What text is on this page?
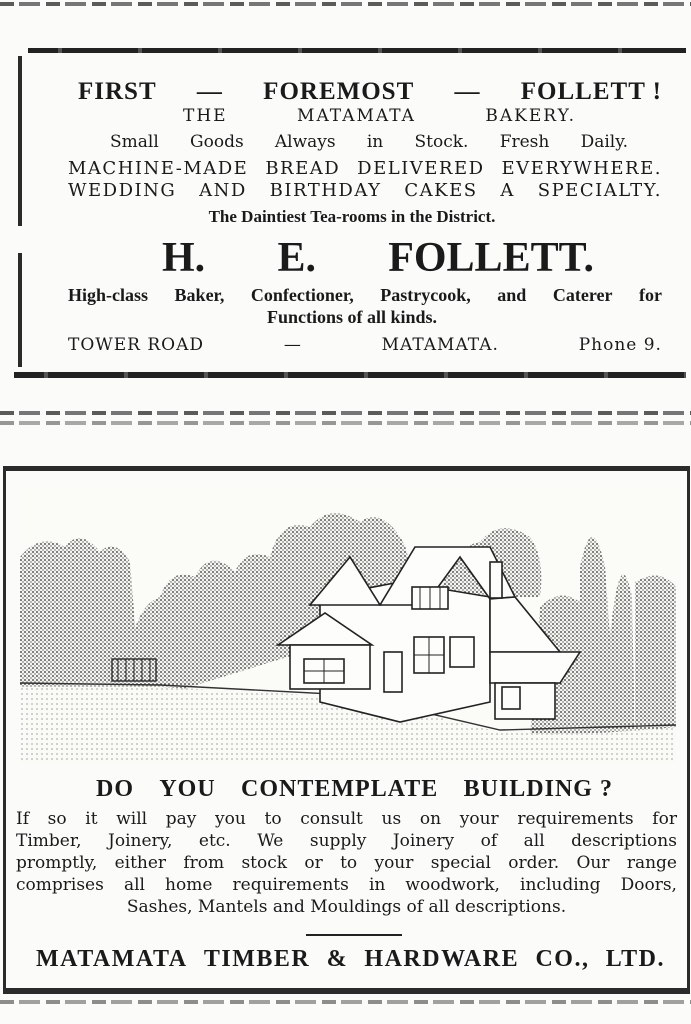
FIRST — FOREMOST — FOLLETT !
THE	MATAMATA	BAKERY.
Small Goods Always in Stock. Fresh Daily.
MACHINE-MADE BREAD DELIVERED EVERYWHERE.
WEDDING AND BIRTHDAY CAKES A SPECIALTY.
The Daintiest Tea-rooms in the District.
H. E. FOLLETT.
High-class Baker, Confectioner, Pastrycook, and Caterer for
Functions of all kinds.
TOWER ROAD	—	MATAMATA.	Phone 9.
DO YOU CONTEMPLATE BUILDING ?
If so it will pay you to consult us on your requirements for
Timber, Joinery, etc. We supply Joinery of all descriptions
promptly, either from stock or to your special order. Our range
comprises all home requirements in woodwork, including Doors,
Sashes, Mantels and Mouldings of all descriptions.
MATAMATA TIMBER & HARDWARE CO., LTD.
